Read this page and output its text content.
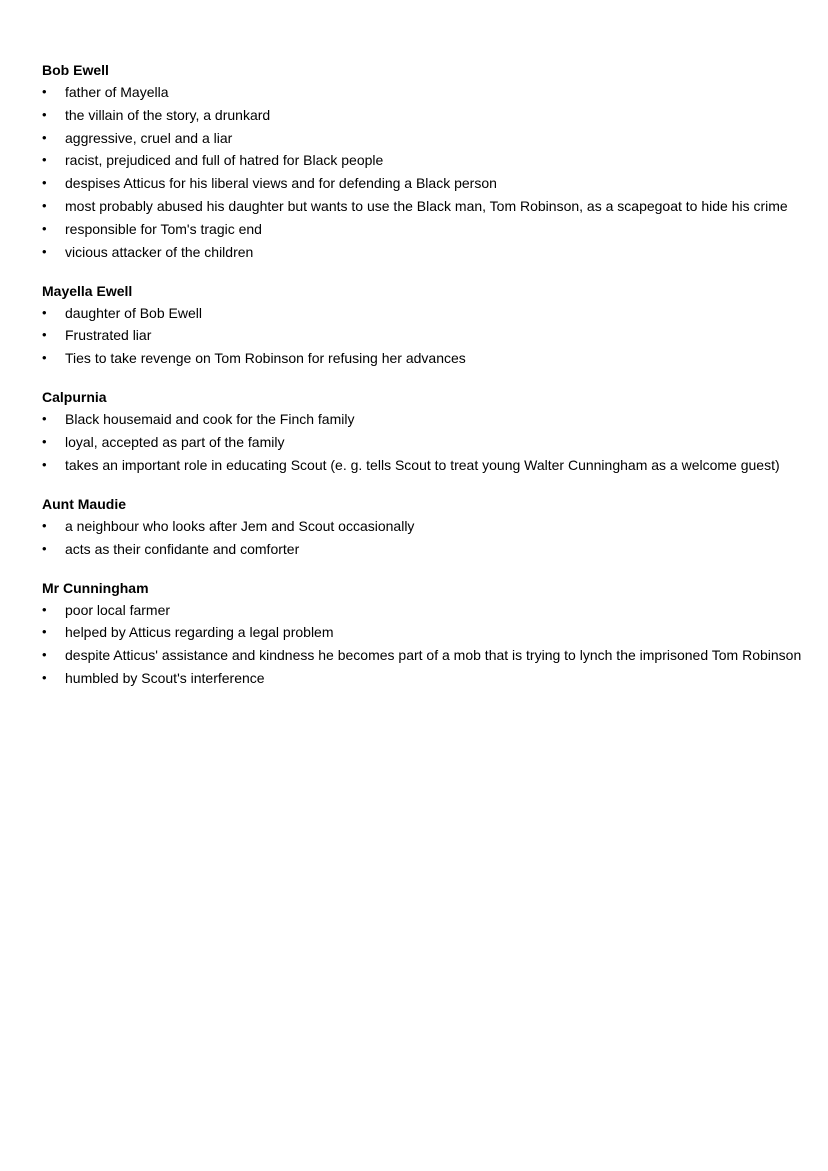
Bob Ewell
•	father of Mayella
•	the villain of the story, a drunkard
•	aggressive, cruel and a liar
•	racist, prejudiced and full of hatred for Black people
•	despises Atticus for his liberal views and for defending a Black person
•	most probably abused his daughter but wants to use the Black man, Tom Robinson, as a scapegoat to hide his crime
•	responsible for Tom's tragic end
•	vicious attacker of the children
Mayella Ewell
•	daughter of Bob Ewell
•	Frustrated liar
•	Ties to take revenge on Tom Robinson for refusing her advances
Calpurnia
•	Black housemaid and cook for the Finch family
•	loyal, accepted as part of the family
•	takes an important role in educating Scout (e. g. tells Scout to treat young Walter Cunningham as a welcome guest)
Aunt Maudie
•	a neighbour who looks after Jem and Scout occasionally
•	acts as their confidante and comforter
Mr Cunningham
•	poor local farmer
•	helped by Atticus regarding a legal problem
•	despite Atticus' assistance and kindness he becomes part of a mob that is trying to lynch the imprisoned Tom Robinson
•	humbled by Scout's interference
